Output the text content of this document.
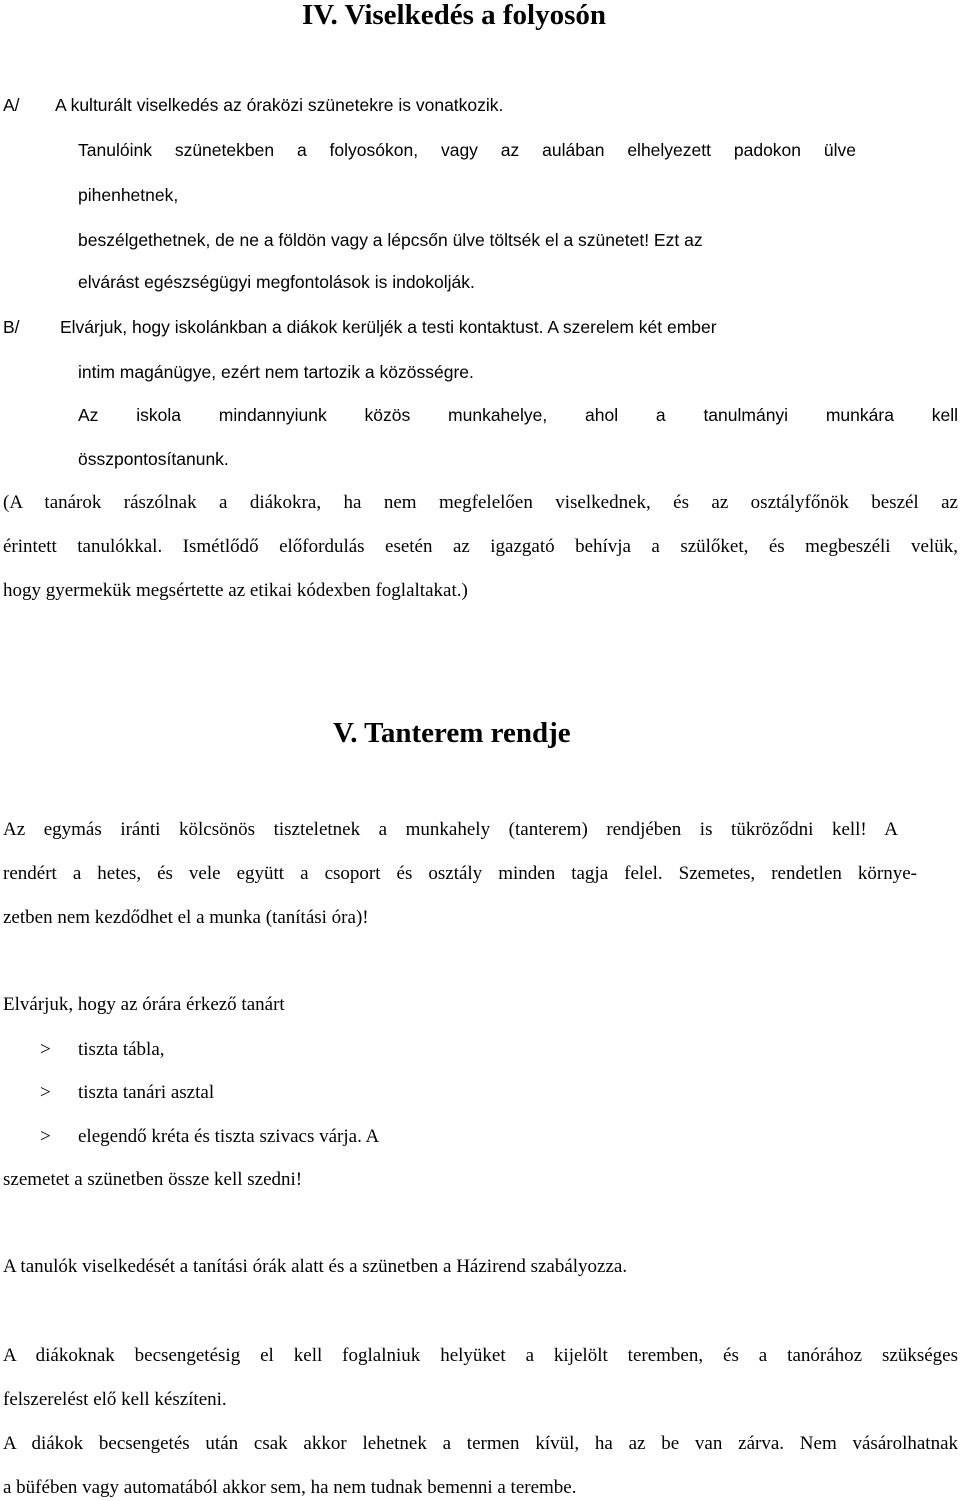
IV. Viselkedés a folyosón
A/ A kulturált viselkedés az óraközi szünetekre is vonatkozik.
Tanulóink szünetekben a folyosókon, vagy az aulában elhelyezett padokon ülve
pihenhetnek,
beszélgethetnek, de ne a földön vagy a lépcsőn ülve töltsék el a szünetet! Ezt az
elvárást egészségügyi megfontolások is indokolják.
B/ Elvárjuk, hogy iskolánkban a diákok kerüljék a testi kontaktust. A szerelem két ember
intim magánügye, ezért nem tartozik a közösségre.
Az iskola mindannyiunk közös munkahelye, ahol a tanulmányi munkára kell
összpontosítanunk.
(A tanárok rászólnak a diákokra, ha nem megfelelően viselkednek, és az osztályfőnök beszél az
érintett tanulókkal. Ismétlődő előfordulás esetén az igazgató behívja a szülőket, és megbeszéli velük,
hogy gyermekük megsértette az etikai kódexben foglaltakat.)
V. Tanterem rendje
Az egymás iránti kölcsönös tiszteletnek a munkahely (tanterem) rendjében is tükröződni kell! A
rendért a hetes, és vele együtt a csoport és osztály minden tagja felel. Szemetes, rendetlen környe-
zetben nem kezdődhet el a munka (tanítási óra)!
Elvárjuk, hogy az órára érkező tanárt
> tiszta tábla,
> tiszta tanári asztal
> elegendő kréta és tiszta szivacs várja. A
szemetet a szünetben össze kell szedni!
A tanulók viselkedését a tanítási órák alatt és a szünetben a Házirend szabályozza.
A diákoknak becsengetésig el kell foglalniuk helyüket a kijelölt teremben, és a tanórához szükséges
felszerelést elő kell készíteni.
A diákok becsengetés után csak akkor lehetnek a termen kívül, ha az be van zárva. Nem vásárolhatnak
a büfében vagy automatából akkor sem, ha nem tudnak bemenni a terembe.
